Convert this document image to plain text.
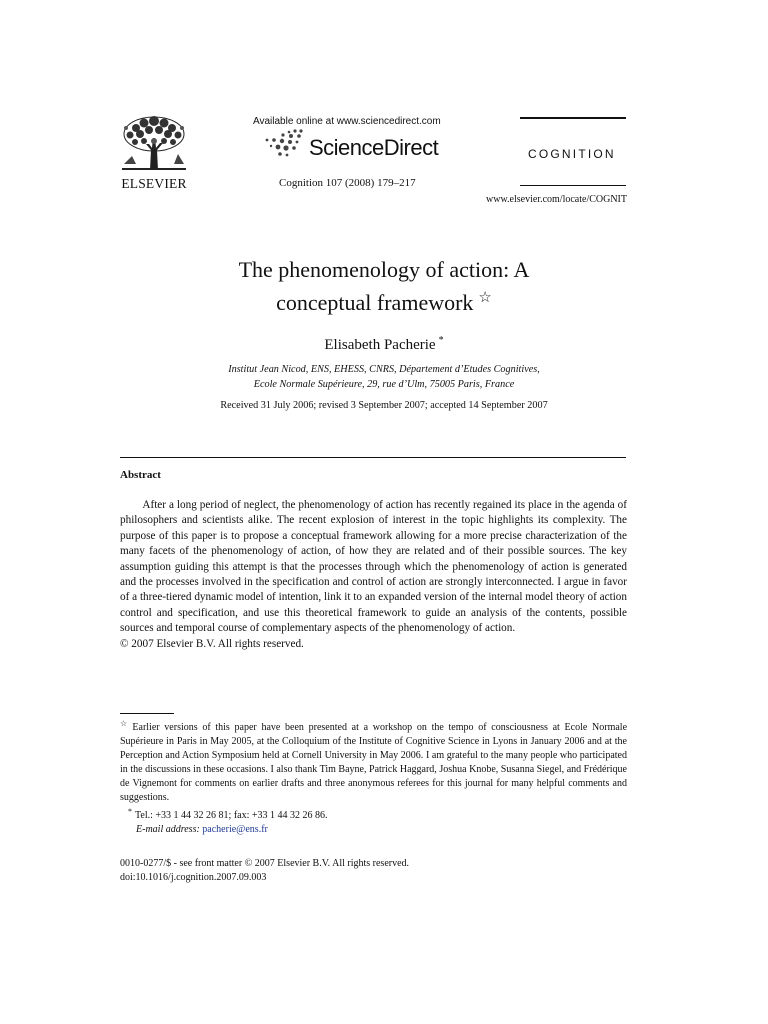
ELSEVIER
Available online at www.sciencedirect.com
ScienceDirect
Cognition 107 (2008) 179–217
COGNITION
www.elsevier.com/locate/COGNIT
The phenomenology of action: A
conceptual framework ☆
Elisabeth Pacherie *
Institut Jean Nicod, ENS, EHESS, CNRS, Département d’Etudes Cognitives,
Ecole Normale Supérieure, 29, rue d’Ulm, 75005 Paris, France
Received 31 July 2006; revised 3 September 2007; accepted 14 September 2007
Abstract

After a long period of neglect, the phenomenology of action has recently regained its place in the agenda of philosophers and scientists alike. The recent explosion of interest in the topic highlights its complexity. The purpose of this paper is to propose a conceptual framework allowing for a more precise characterization of the many facets of the phenomenology of action, of how they are related and of their possible sources. The key assumption guiding this attempt is that the processes through which the phenomenology of action is generated and the processes involved in the specification and control of action are strongly interconnected. I argue in favor of a three-tiered dynamic model of intention, link it to an expanded version of the internal model theory of action control and specification, and use this theoretical framework to guide an analysis of the contents, possible sources and temporal course of complementary aspects of the phenomenology of action.

© 2007 Elsevier B.V. All rights reserved.

☆ Earlier versions of this paper have been presented at a workshop on the tempo of consciousness at Ecole Normale Supérieure in Paris in May 2005, at the Colloquium of the Institute of Cognitive Science in Lyons in January 2006 and at the Perception and Action Symposium held at Cornell University in May 2006. I am grateful to the many people who participated in the discussions in these occasions. I also thank Tim Bayne, Patrick Haggard, Joshua Knobe, Susanna Siegel, and Frédérique de Vignemont for comments on earlier drafts and three anonymous referees for this journal for many helpful comments and suggestions.

* Tel.: +33 1 44 32 26 81; fax: +33 1 44 32 26 86.

E-mail address: pacherie@ens.fr

0010-0277/$ - see front matter © 2007 Elsevier B.V. All rights reserved.
doi:10.1016/j.cognition.2007.09.003
